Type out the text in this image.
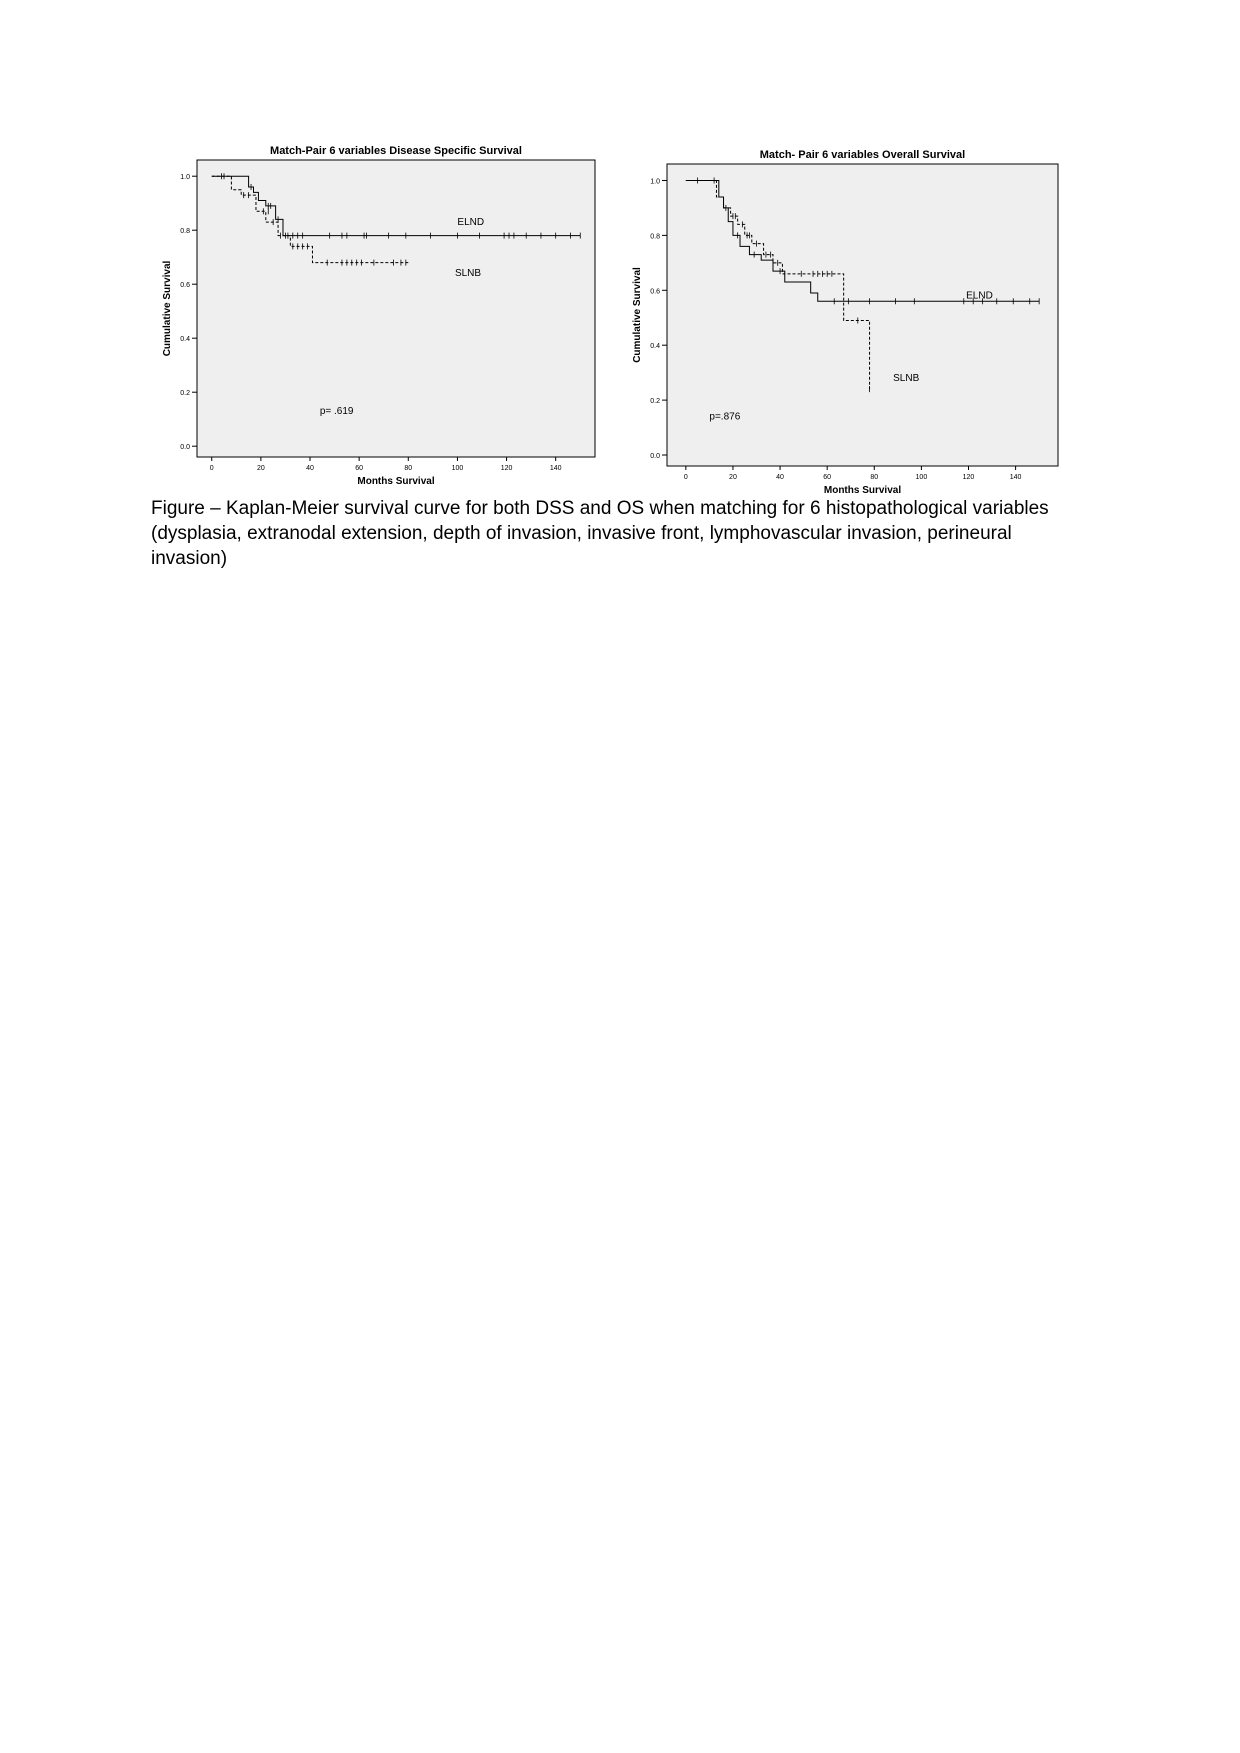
Match-Pair 6 variables Disease Specific Survival
0.0
0.2
0.4
0.6
0.8
1.0
0	20	40	60	80	100	120	140
Months Survival
Cumulative Survival
ELND
SLNB
p= .619
Match- Pair 6 variables Overall Survival
0.0
0.2
0.4
0.6
0.8
1.0
0	20	40	60	80	100	120	140
Months Survival
Cumulative Survival	ELND
SLNB
p=.876

Figure – Kaplan-Meier survival curve for both DSS and OS when matching for 6 histopathological variables (dysplasia, extranodal extension, depth of invasion, invasive front, lymphovascular invasion, perineural invasion)
